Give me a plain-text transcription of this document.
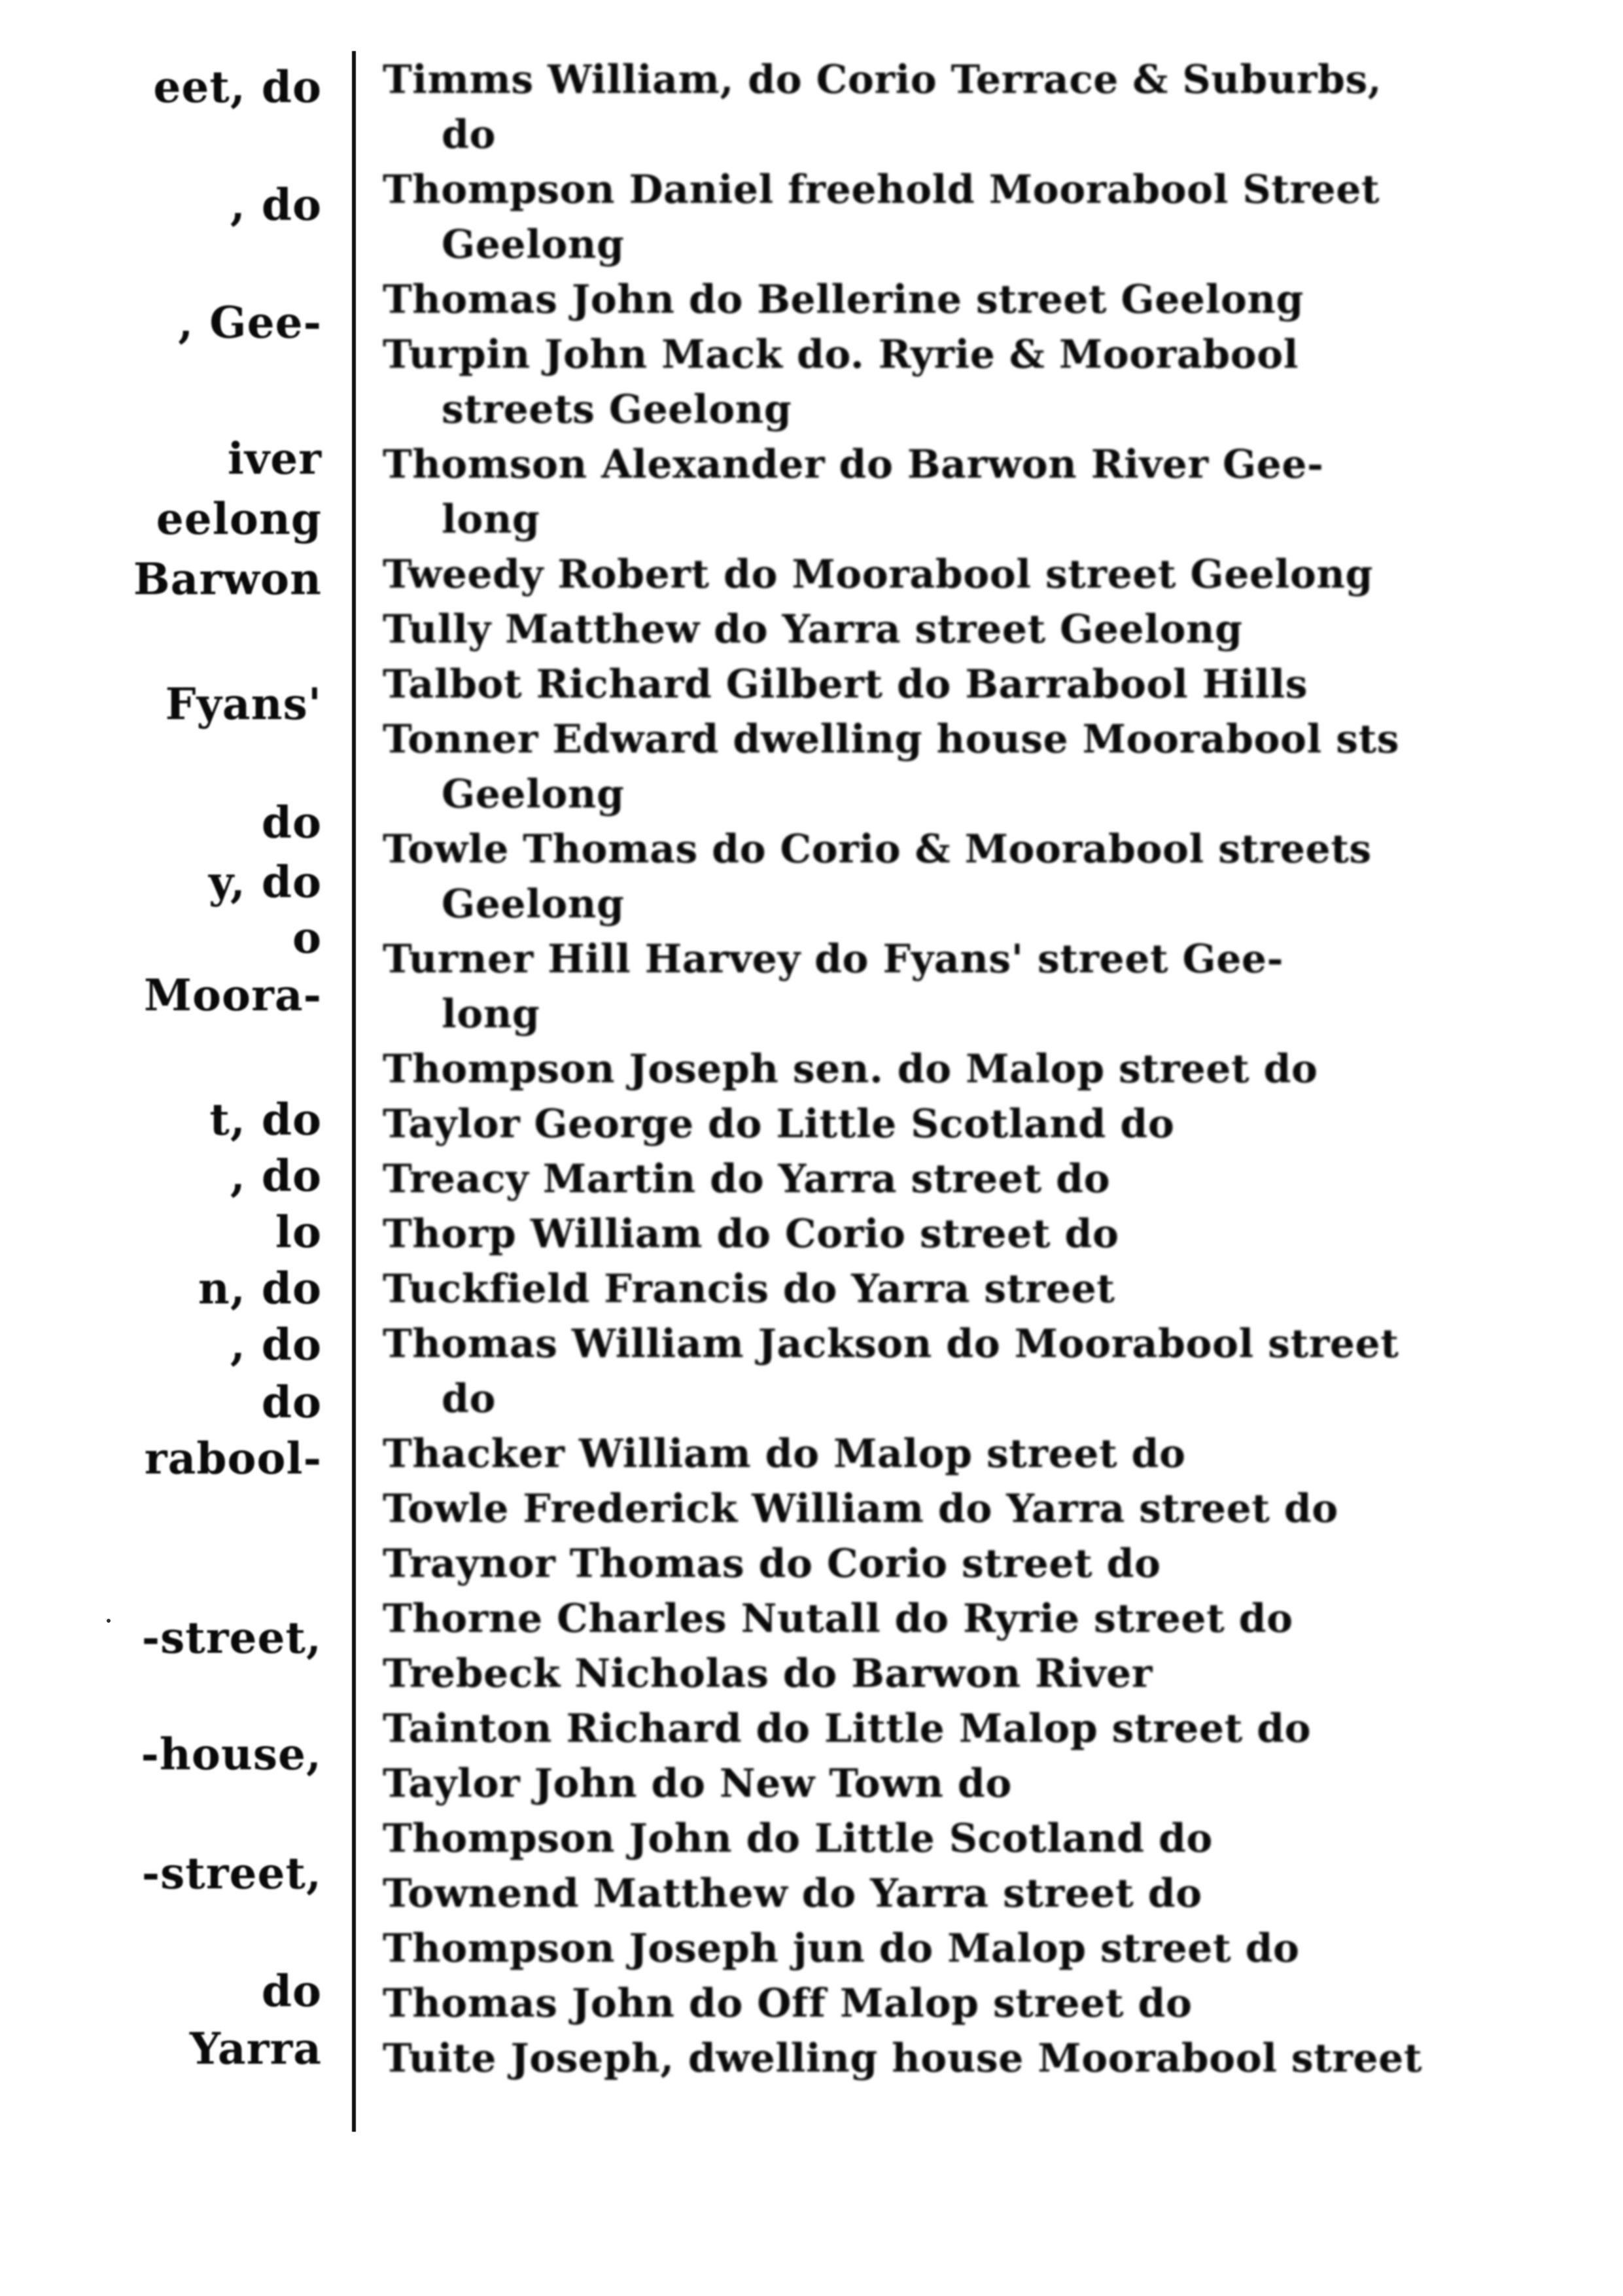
eet, do
, do
, Gee-
iver
eelong
Barwon
Fyans'
do
y, do
o
Moora-
t, do
, do
lo
n, do
, do
do
rabool-
-street,
-house,
-street,
do
Yarra
Timms William, do Corio Terrace & Suburbs,
do
Thompson Daniel freehold Moorabool Street
Geelong
Thomas John do Bellerine street Geelong
Turpin John Mack do. Ryrie & Moorabool
streets Geelong
Thomson Alexander do Barwon River Gee-
long
Tweedy Robert do Moorabool street Geelong
Tully Matthew do Yarra street Geelong
Talbot Richard Gilbert do Barrabool Hills
Tonner Edward dwelling house Moorabool sts
Geelong
Towle Thomas do Corio & Moorabool streets
Geelong
Turner Hill Harvey do Fyans' street Gee-
long
Thompson Joseph sen. do Malop street do
Taylor George do Little Scotland do
Treacy Martin do Yarra street do
Thorp William do Corio street do
Tuckfield Francis do Yarra street
Thomas William Jackson do Moorabool street
do
Thacker William do Malop street do
Towle Frederick William do Yarra street do
Traynor Thomas do Corio street do
Thorne Charles Nutall do Ryrie street do
Trebeck Nicholas do Barwon River
Tainton Richard do Little Malop street do
Taylor John do New Town do
Thompson John do Little Scotland do
Townend Matthew do Yarra street do
Thompson Joseph jun do Malop street do
Thomas John do Off Malop street do
Tuite Joseph, dwelling house Moorabool street
